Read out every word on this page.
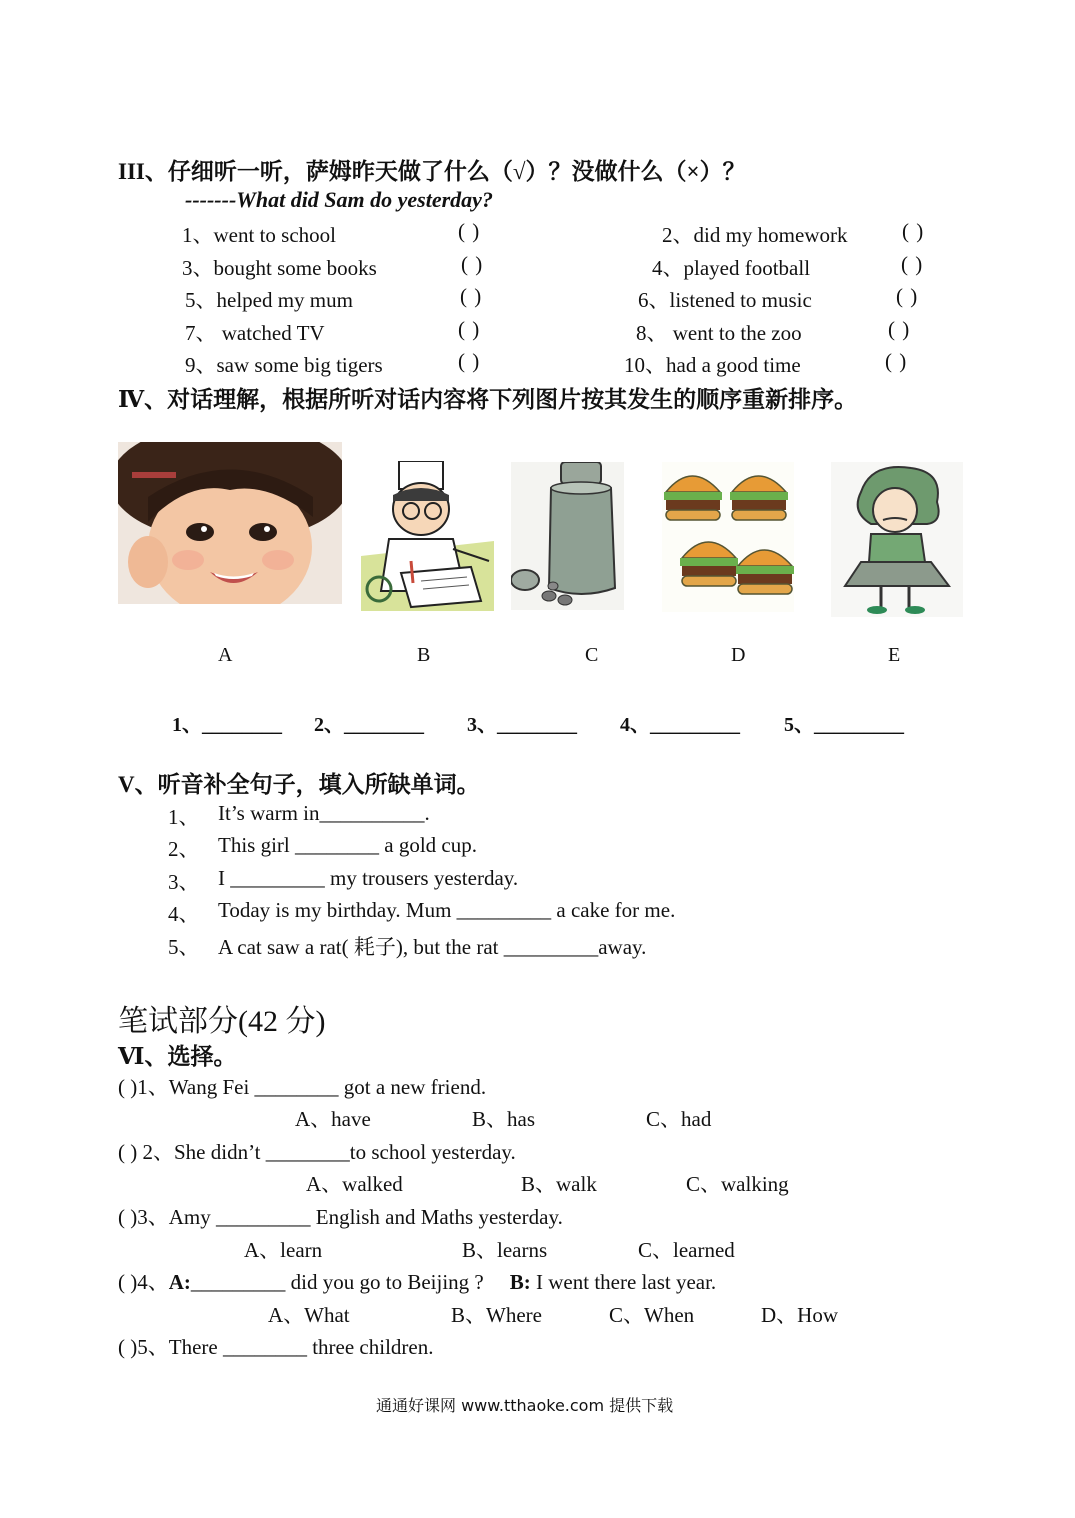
III、仔细听一听，萨姆昨天做了什么（√）？没做什么（×）？
-------What did Sam do yesterday?
1、went to school	( )	2、did my homework	( )
3、bought some books	( )	4、played football	( )
5、helped my mum	( )	6、listened to music	( )
7、 watched TV	( )	8、 went to the zoo	( )
9、saw some big tigers	( )	10、had a good time	( )
Ⅳ、对话理解，根据所听对话内容将下列图片按其发生的顺序重新排序。
A	B	C	D	E
1、________ 2、________ 3、________ 4、_________ 5、_________
V、听音补全句子，填入所缺单词。
1、 It’s warm in__________.
2、 This girl ________ a gold cup.
3、 I _________ my trousers yesterday.
4、 Today is my birthday. Mum _________ a cake for me.
5、 A cat saw a rat( 耗子), but the rat _________away.
笔试部分(42 分)
Ⅵ、选择。
( )1、Wang Fei ________ got a new friend.
A、have	B、has	C、had
( ) 2、She didn’t ________to school yesterday.
A、walked	B、walk	C、walking
( )3、Amy _________ English and Maths yesterday.
A、learn	B、learns	C、learned
( )4、A:_________ did you go to Beijing ? B: I went there last year.
A、What	B、Where	C、When	D、How
( )5、There ________ three children.
通通好课网 www.tthaoke.com 提供下载
